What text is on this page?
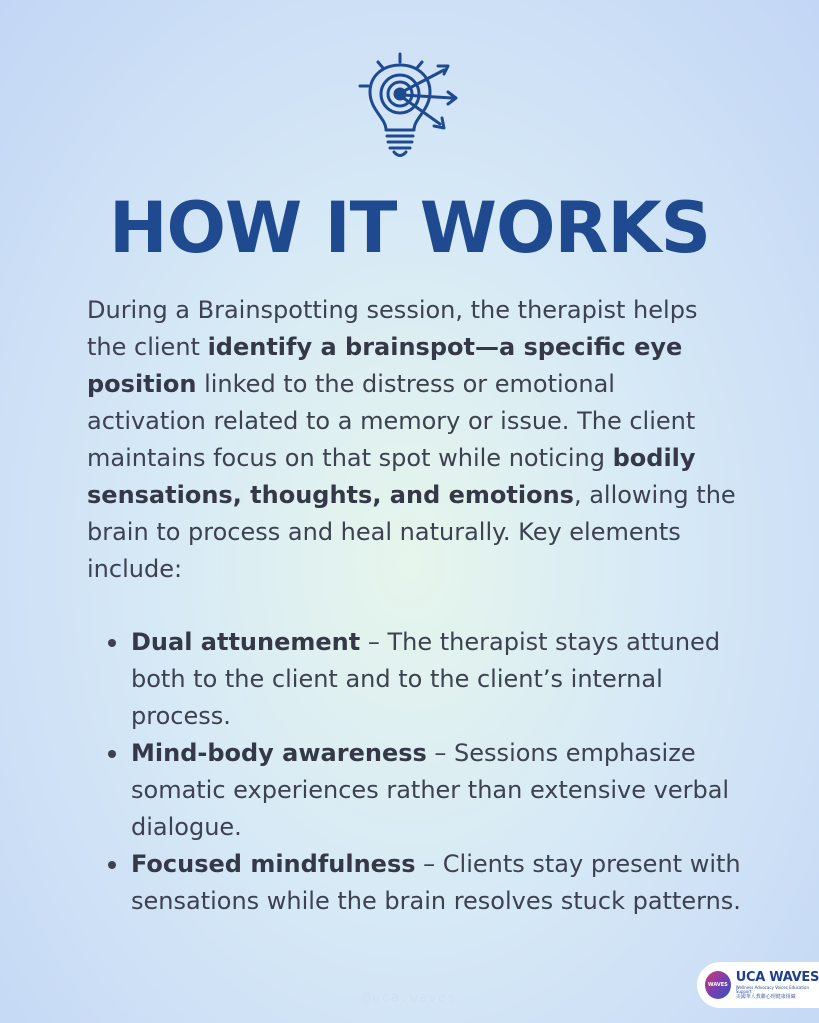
HOW IT WORKS

During a Brainspotting session, the therapist helps the client identify a brainspot—a specific eye position linked to the distress or emotional activation related to a memory or issue. The client maintains focus on that spot while noticing bodily sensations, thoughts, and emotions, allowing the brain to process and heal naturally. Key elements include:

Dual attunement – The therapist stays attuned both to the client and to the client’s internal process.
Mind-body awareness – Sessions emphasize somatic experiences rather than extensive verbal dialogue.
Focused mindfulness – Clients stay present with sensations while the brain resolves stuck patterns.
@uca.waves
WAVES
UCA WAVES
Wellness Advocacy Voices Education Support
美國華人教聯心理健康組織
